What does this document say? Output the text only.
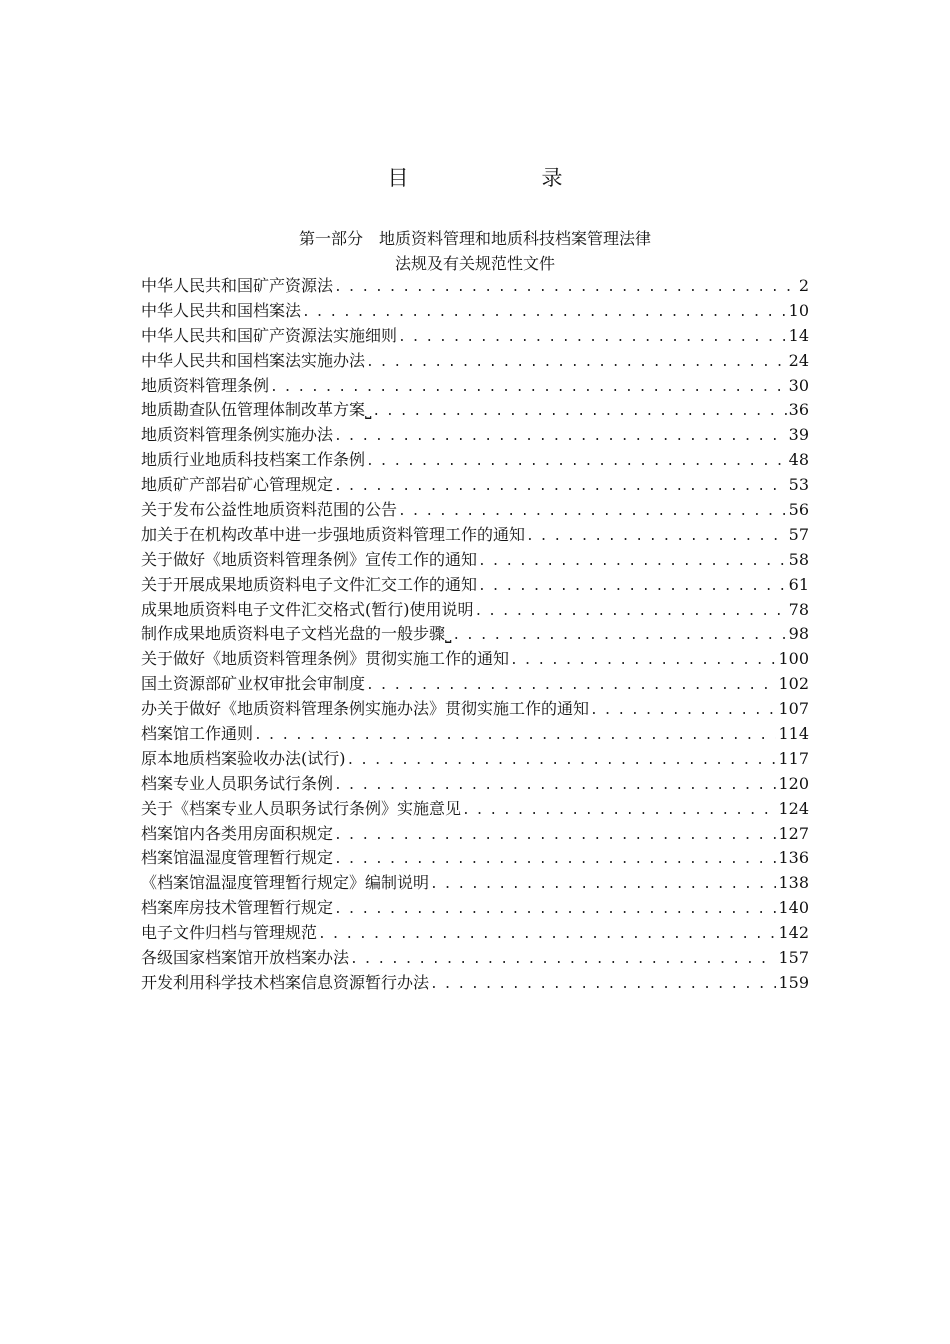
目　录
第一部分　地质资料管理和地质科技档案管理法律
法规及有关规范性文件
中华人民共和国矿产资源法 . . .	2
中华人民共和国档案法 . . .	10
中华人民共和国矿产资源法实施细则 . . .	14
中华人民共和国档案法实施办法 . . .	24
地质资料管理条例 . . .	30
地质勘查队伍管理体制改革方案⎵ . . .	36
地质资料管理条例实施办法 . . .	39
地质行业地质科技档案工作条例 . . .	48
地质矿产部岩矿心管理规定 . . .	53
关于发布公益性地质资料范围的公告 . . .	56
加关于在机构改革中进一步强地质资料管理工作的通知 . . .	57
关于做好《地质资料管理条例》宣传工作的通知 . . .	58
关于开展成果地质资料电子文件汇交工作的通知 . . .	61
成果地质资料电子文件汇交格式(暂行)使用说明 . . .	78
制作成果地质资料电子文档光盘的一般步骤⎵ . . .	98
关于做好《地质资料管理条例》贯彻实施工作的通知 . . .	100
国土资源部矿业权审批会审制度 . . .	102
办关于做好《地质资料管理条例实施办法》贯彻实施工作的通知 . . .	107
档案馆工作通则 . . .	114
原本地质档案验收办法(试行) . . .	117
档案专业人员职务试行条例 . . .	120
关于《档案专业人员职务试行条例》实施意见 . . .	124
档案馆内各类用房面积规定 . . .	127
档案馆温湿度管理暂行规定 . . .	136
《档案馆温湿度管理暂行规定》编制说明 . . .	138
档案库房技术管理暂行规定 . . .	140
电子文件归档与管理规范 . . .	142
各级国家档案馆开放档案办法 . . .	157
开发利用科学技术档案信息资源暂行办法 . . .	159
